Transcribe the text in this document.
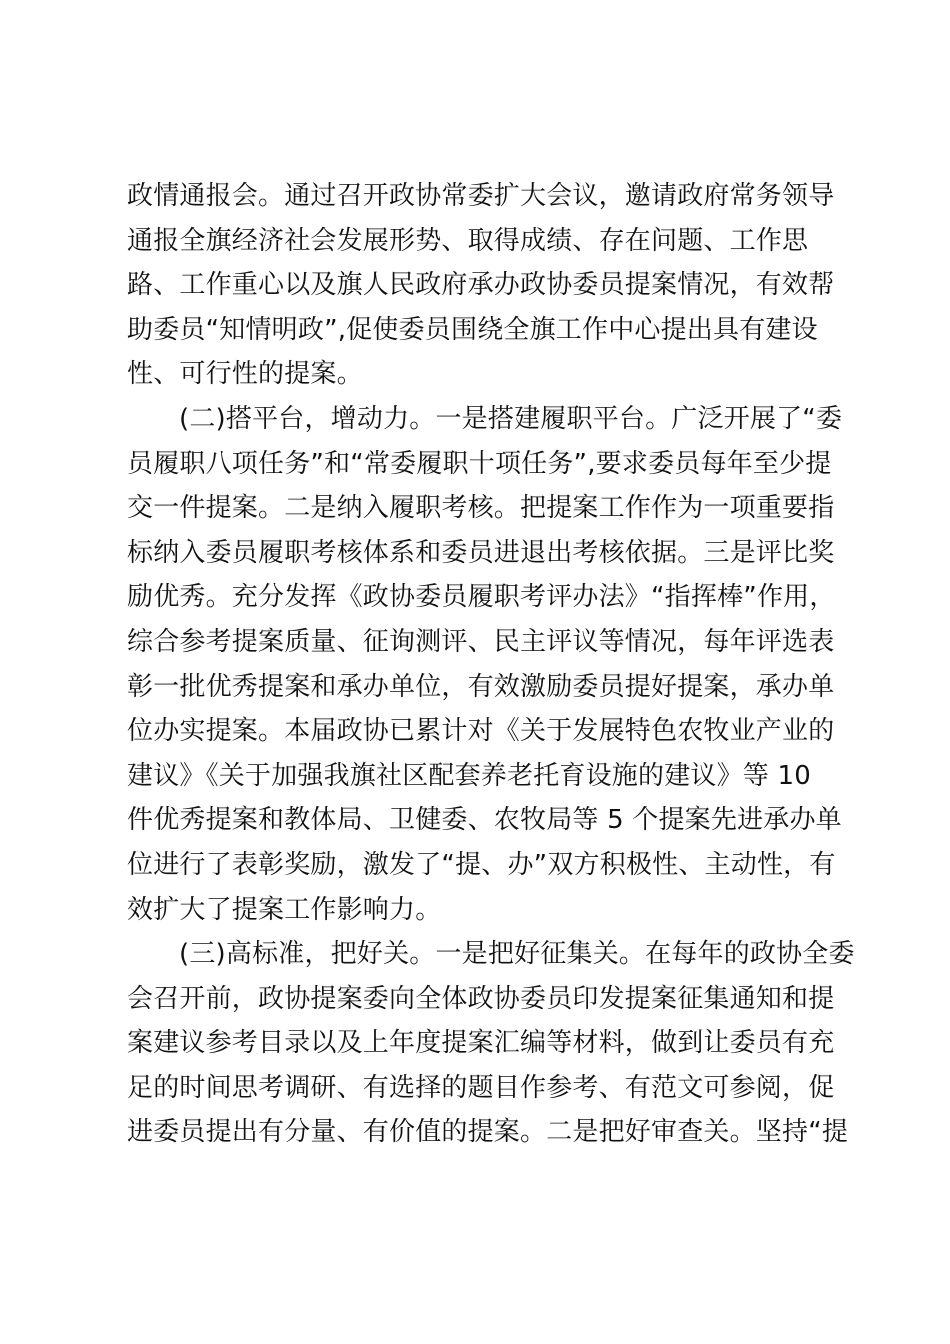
政情通报会。通过召开政协常委扩大会议，邀请政府常务领导
通报全旗经济社会发展形势、取得成绩、存在问题、工作思
路、工作重心以及旗人民政府承办政协委员提案情况，有效帮
助委员“知情明政”,促使委员围绕全旗工作中心提出具有建设
性、可行性的提案。
(二)搭平台，增动力。一是搭建履职平台。广泛开展了“委
员履职八项任务”和“常委履职十项任务”,要求委员每年至少提
交一件提案。二是纳入履职考核。把提案工作作为一项重要指
标纳入委员履职考核体系和委员进退出考核依据。三是评比奖
励优秀。充分发挥《政协委员履职考评办法》“指挥棒”作用，
综合参考提案质量、征询测评、民主评议等情况，每年评选表
彰一批优秀提案和承办单位，有效激励委员提好提案，承办单
位办实提案。本届政协已累计对《关于发展特色农牧业产业的
建议》《关于加强我旗社区配套养老托育设施的建议》等 10
件优秀提案和教体局、卫健委、农牧局等 5 个提案先进承办单
位进行了表彰奖励，激发了“提、办”双方积极性、主动性，有
效扩大了提案工作影响力。
(三)高标准，把好关。一是把好征集关。在每年的政协全委
会召开前，政协提案委向全体政协委员印发提案征集通知和提
案建议参考目录以及上年度提案汇编等材料，做到让委员有充
足的时间思考调研、有选择的题目作参考、有范文可参阅，促
进委员提出有分量、有价值的提案。二是把好审查关。坚持“提
